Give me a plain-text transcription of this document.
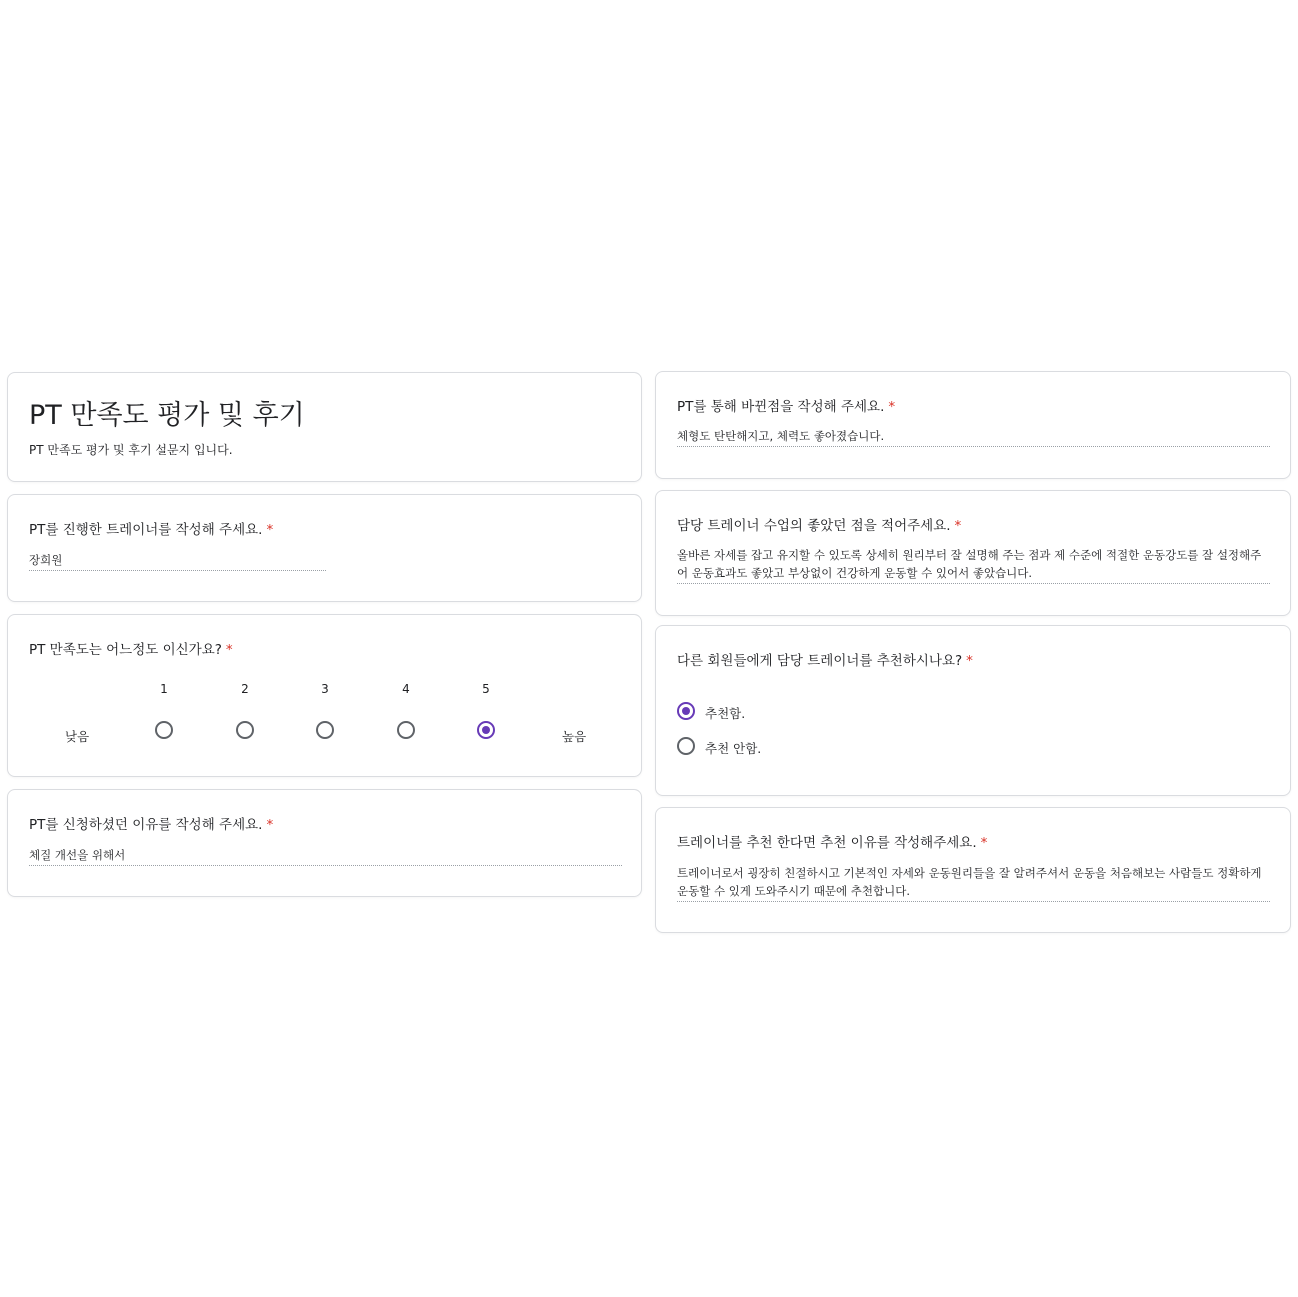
PT 만족도 평가 및 후기
PT 만족도 평가 및 후기 설문지 입니다.
PT를 진행한 트레이너를 작성해 주세요. *
장희원
PT 만족도는 어느정도 이신가요? *
1	2	3	4	5
낮음	높음
PT를 신청하셨던 이유를 작성해 주세요. *
체질 개선을 위해서
PT를 통해 바뀐점을 작성해 주세요. *
체형도 탄탄해지고, 체력도 좋아졌습니다.
담당 트레이너 수업의 좋았던 점을 적어주세요. *
올바른 자세를 잡고 유지할 수 있도록 상세히 원리부터 잘 설명해 주는 점과 제 수준에 적절한 운동강도를 잘 설정해주어 운동효과도 좋았고 부상없이 건강하게 운동할 수 있어서 좋았습니다.
다른 회원들에게 담당 트레이너를 추천하시나요? *
추천함.
추천 안함.
트레이너를 추천 한다면 추천 이유를 작성해주세요. *
트레이너로서 굉장히 친절하시고 기본적인 자세와 운동원리들을 잘 알려주셔서 운동을 처음해보는 사람들도 정확하게 운동할 수 있게 도와주시기 때문에 추천합니다.
